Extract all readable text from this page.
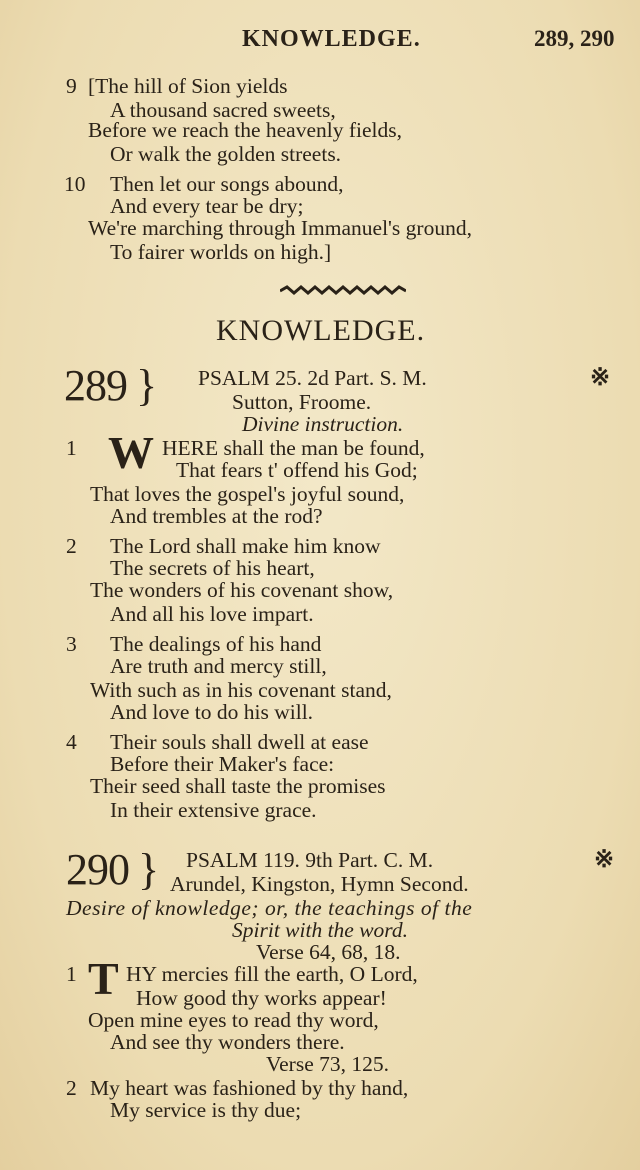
KNOWLEDGE.	289, 290
9 [The hill of Sion yields
A thousand sacred sweets,
Before we reach the heavenly fields,
Or walk the golden streets.
10 Then let our songs abound,
And every tear be dry;
We're marching through Immanuel's ground,
To fairer worlds on high.]
KNOWLEDGE.
289 } PSALM 25. 2d Part. S. M.	※
Sutton, Froome.
Divine instruction.
1 W HERE shall the man be found,
That fears t' offend his God;
That loves the gospel's joyful sound,
And trembles at the rod?
2 The Lord shall make him know
The secrets of his heart,
The wonders of his covenant show,
And all his love impart.
3 The dealings of his hand
Are truth and mercy still,
With such as in his covenant stand,
And love to do his will.
4 Their souls shall dwell at ease
Before their Maker's face:
Their seed shall taste the promises
In their extensive grace.
290 } PSALM 119. 9th Part. C. M.	※
Arundel, Kingston, Hymn Second.
Desire of knowledge; or, the teachings of the
Spirit with the word.
Verse 64, 68, 18.
1 T HY mercies fill the earth, O Lord,
How good thy works appear!
Open mine eyes to read thy word,
And see thy wonders there.
Verse 73, 125.
2 My heart was fashioned by thy hand,
My service is thy due;
